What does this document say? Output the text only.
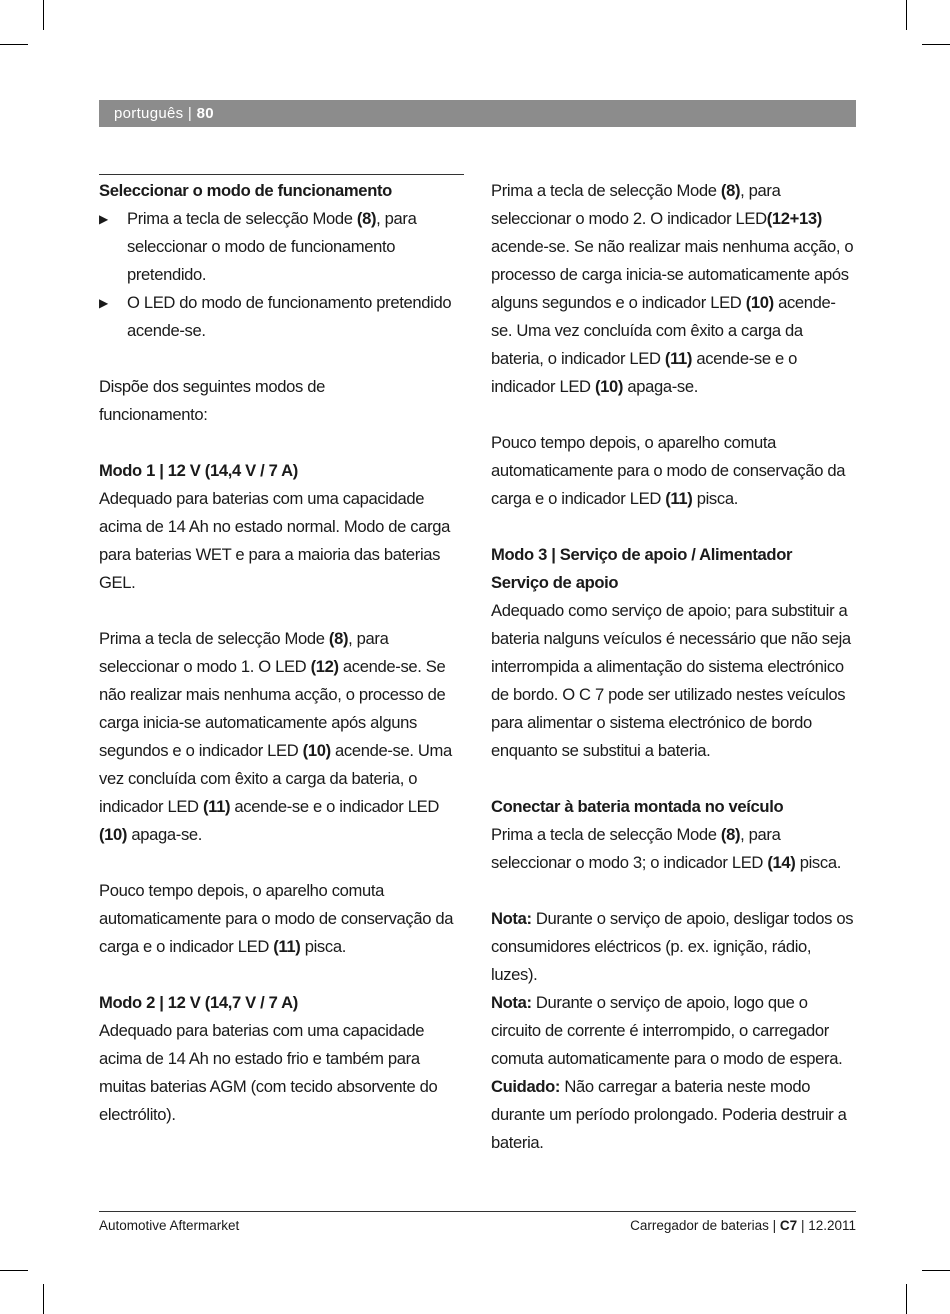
português | 80

Seleccionar o modo de funcionamento

▶ Prima a tecla de selecção Mode (8), para seleccionar o modo de funcionamento pretendido.

▶ O LED do modo de funcionamento pretendido acende-se.

Dispõe dos seguintes modos de funcionamento:

Modo 1 | 12 V (14,4 V / 7 A)

Adequado para baterias com uma capacidade acima de 14 Ah no estado normal. Modo de carga para baterias WET e para a maioria das baterias GEL.

Prima a tecla de selecção Mode (8), para seleccionar o modo 1. O LED (12) acende-se. Se não realizar mais nenhuma acção, o processo de carga inicia-se automaticamente após alguns segundos e o indicador LED (10) acende-se. Uma vez concluída com êxito a carga da bateria, o indicador LED (11) acende-se e o indicador LED (10) apaga-se.

Pouco tempo depois, o aparelho comuta automaticamente para o modo de conservação da carga e o indicador LED (11) pisca.

Modo 2 | 12 V (14,7 V / 7 A)

Adequado para baterias com uma capacidade acima de 14 Ah no estado frio e também para muitas baterias AGM (com tecido absorvente do electrólito).

Prima a tecla de selecção Mode (8), para seleccionar o modo 2. O indicador LED(12+13) acende-se. Se não realizar mais nenhuma acção, o processo de carga inicia-se automaticamente após alguns segundos e o indicador LED (10) acende-se. Uma vez concluída com êxito a carga da bateria, o indicador LED (11) acende-se e o indicador LED (10) apaga-se.

Pouco tempo depois, o aparelho comuta automaticamente para o modo de conservação da carga e o indicador LED (11) pisca.

Modo 3 | Serviço de apoio / Alimentador

Serviço de apoio

Adequado como serviço de apoio; para substituir a bateria nalguns veículos é necessário que não seja interrompida a alimentação do sistema electrónico de bordo. O C 7 pode ser utilizado nestes veículos para alimentar o sistema electrónico de bordo enquanto se substitui a bateria.

Conectar à bateria montada no veículo

Prima a tecla de selecção Mode (8), para seleccionar o modo 3; o indicador LED (14) pisca.

Nota: Durante o serviço de apoio, desligar todos os consumidores eléctricos (p. ex. ignição, rádio, luzes).

Nota: Durante o serviço de apoio, logo que o circuito de corrente é interrompido, o carregador comuta automaticamente para o modo de espera.

Cuidado: Não carregar a bateria neste modo durante um período prolongado. Poderia destruir a bateria.

Automotive Aftermarket	Carregador de baterias | C7 | 12.2011
